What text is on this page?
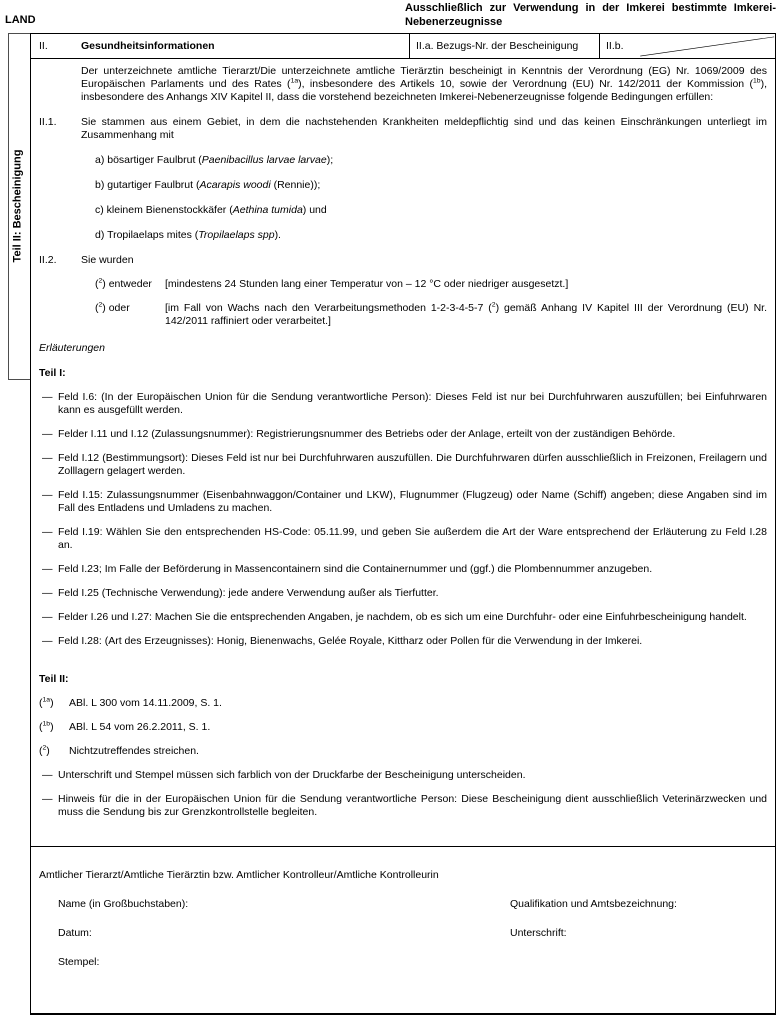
LAND
Ausschließlich zur Verwendung in der Imkerei bestimmte Imkerei-Nebenerzeugnisse
Teil II: Bescheinigung
II.	Gesundheitsinformationen	II.a. Bezugs-Nr. der Bescheinigung	II.b.

Der unterzeichnete amtliche Tierarzt/Die unterzeichnete amtliche Tierärztin bescheinigt in Kenntnis der Verordnung (EG) Nr. 1069/2009 des Europäischen Parlaments und des Rates ($^{1a}$), insbesondere des Artikels 10, sowie der Verordnung (EU) Nr. 142/2011 der Kommission ($^{1b}$), insbesondere des Anhangs XIV Kapitel II, dass die vorstehend bezeichneten Imkerei-Nebenerzeugnisse folgende Bedingungen erfüllen:

II.1.	Sie stammen aus einem Gebiet, in dem die nachstehenden Krankheiten meldepflichtig sind und das keinen Einschränkungen unterliegt im Zusammenhang mit
a) bösartiger Faulbrut (Paenibacillus larvae larvae);
b) gutartiger Faulbrut (Acarapis woodi (Rennie));
c) kleinem Bienenstockkäfer (Aethina tumida) und
d) Tropilaelaps mites (Tropilaelaps spp).
II.2.	Sie wurden
($^2$) entweder	[mindestens 24 Stunden lang einer Temperatur von – 12 °C oder niedriger ausgesetzt.]
($^2$) oder	[im Fall von Wachs nach den Verarbeitungsmethoden 1-2-3-4-5-7 ($^2$) gemäß Anhang IV Kapitel III der Verordnung (EU) Nr. 142/2011 raffiniert oder verarbeitet.]

Erläuterungen

Teil I:

— Feld I.6: (In der Europäischen Union für die Sendung verantwortliche Person): Dieses Feld ist nur bei Durchfuhrwaren auszufüllen; bei Einfuhrwaren kann es ausgefüllt werden.
— Felder I.11 und I.12 (Zulassungsnummer): Registrierungsnummer des Betriebs oder der Anlage, erteilt von der zuständigen Behörde.
— Feld I.12 (Bestimmungsort): Dieses Feld ist nur bei Durchfuhrwaren auszufüllen. Die Durchfuhrwaren dürfen ausschließlich in Freizonen, Freilagern und Zolllagern gelagert werden.
— Feld I.15: Zulassungsnummer (Eisenbahnwaggon/Container und LKW), Flugnummer (Flugzeug) oder Name (Schiff) angeben; diese Angaben sind im Fall des Entladens und Umladens zu machen.
— Feld I.19: Wählen Sie den entsprechenden HS-Code: 05.11.99, und geben Sie außerdem die Art der Ware entsprechend der Erläuterung zu Feld I.28 an.
— Feld I.23; Im Falle der Beförderung in Massencontainern sind die Containernummer und (ggf.) die Plombennummer anzugeben.
— Feld I.25 (Technische Verwendung): jede andere Verwendung außer als Tierfutter.
— Felder I.26 und I.27: Machen Sie die entsprechenden Angaben, je nachdem, ob es sich um eine Durchfuhr- oder eine Einfuhrbescheinigung handelt.
— Feld I.28: (Art des Erzeugnisses): Honig, Bienenwachs, Gelée Royale, Kittharz oder Pollen für die Verwendung in der Imkerei.

Teil II:

($^{1a}$)	ABl. L 300 vom 14.11.2009, S. 1.
($^{1b}$)	ABl. L 54 vom 26.2.2011, S. 1.
($^2$)	Nichtzutreffendes streichen.
— Unterschrift und Stempel müssen sich farblich von der Druckfarbe der Bescheinigung unterscheiden.
— Hinweis für die in der Europäischen Union für die Sendung verantwortliche Person: Diese Bescheinigung dient ausschließlich Veterinärzwecken und muss die Sendung bis zur Grenzkontrollstelle begleiten.

Amtlicher Tierarzt/Amtliche Tierärztin bzw. Amtlicher Kontrolleur/Amtliche Kontrolleurin

Name (in Großbuchstaben):	Qualifikation und Amtsbezeichnung:
Datum:	Unterschrift:
Stempel:
